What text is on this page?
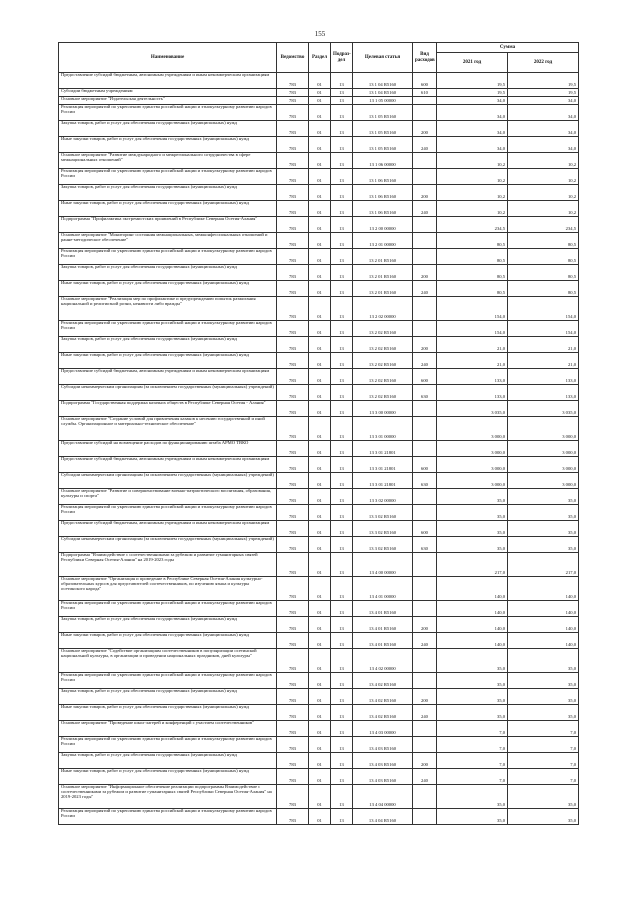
155
Наименование	Ведомство	Раздел	Подраз-дел	Целевая статья	Вид расходов	Сумма	
						2021 год	2022 год
Предоставление субсидий бюджетным, автономным учреждениям и иным некоммерческим организациям	783	01	13	13 1 04 R5160	600	19,5	19,5
Субсидии бюджетным учреждениям	783	01	13	13 1 04 R5160	610	19,5	19,5
Основное мероприятие "Издательская деятельность"	783	01	13	13 1 05 00000		34,0	34,0
Реализация мероприятий по укреплению единства российской нации и этнокультурному развитию народов России	783	01	13	13 1 05 R5160		34,0	34,0
Закупка товаров, работ и услуг для обеспечения государственных (муниципальных) нужд	783	01	13	13 1 05 R5160	200	34,0	34,0
Иные закупки товаров, работ и услуг для обеспечения государственных (муниципальных) нужд	783	01	13	13 1 05 R5160	240	34,0	34,0
Основное мероприятие "Развитие международного и межрегионального сотрудничества в сфере межнациональных отношений"	783	01	13	13 1 06 00000		10,2	10,2
Реализация мероприятий по укреплению единства российской нации и этнокультурному развитию народов России	783	01	13	13 1 06 R5160		10,2	10,2
Закупка товаров, работ и услуг для обеспечения государственных (муниципальных) нужд	783	01	13	13 1 06 R5160	200	10,2	10,2
Иные закупки товаров, работ и услуг для обеспечения государственных (муниципальных) нужд	783	01	13	13 1 06 R5160	240	10,2	10,2
Подпрограмма "Профилактика экстремистских проявлений в Республике Северная Осетия-Алания"	783	01	13	13 2 00 00000		234,5	234,5
Основное мероприятие "Мониторинг состояния межнациональных, межконфессиональных отношений и ранне-методическое обеспечение"	783	01	13	13 2 01 00000		80,5	80,5
Реализация мероприятий по укреплению единства российской нации и этнокультурному развитию народов России	783	01	13	13 2 01 R5160		80,5	80,5
Закупка товаров, работ и услуг для обеспечения государственных (муниципальных) нужд	783	01	13	13 2 01 R5160	200	80,5	80,5
Иные закупки товаров, работ и услуг для обеспечения государственных (муниципальных) нужд	783	01	13	13 2 01 R5160	240	80,5	80,5
Основное мероприятие "Реализация мер по профилактике и предупреждению попыток разжигания национальной и религиозной розни, ненависти либо вражды"	783	01	13	13 2 02 00000		154,0	154,0
Реализация мероприятий по укреплению единства российской нации и этнокультурному развитию народов России	783	01	13	13 2 02 R5160		154,0	154,0
Закупка товаров, работ и услуг для обеспечения государственных (муниципальных) нужд	783	01	13	13 2 02 R5160	200	21,0	21,0
Иные закупки товаров, работ и услуг для обеспечения государственных (муниципальных) нужд	783	01	13	13 2 02 R5160	240	21,0	21,0
Предоставление субсидий бюджетным, автономным учреждениям и иным некоммерческим организациям	783	01	13	13 2 02 R5160	600	133,0	133,0
Субсидии некоммерческим организациям (за исключением государственных (муниципальных) учреждений)	783	01	13	13 2 02 R5160	630	133,0	133,0
Подпрограмма "Государственная поддержка казачьих обществ в Республике Северная Осетия - Алания"	783	01	13	13 3 00 00000		3 035,0	3 035,0
Основное мероприятие "Создание условий для привлечения казаков к несению государственной и иной службы. Организационное и материально-техническое обеспечение"	783	01	13	13 3 01 00000		3 000,0	3 000,0
Предоставление субсидий на возмещение расходов по функционированию штаба АРМО ТВКО	783	01	13	13 3 01 21801		3 000,0	3 000,0
Предоставление субсидий бюджетным, автономным учреждениям и иным некоммерческим организациям	783	01	13	13 3 01 21801	600	3 000,0	3 000,0
Субсидии некоммерческим организациям (за исключением государственных (муниципальных) учреждений)	783	01	13	13 3 01 21801	630	3 000,0	3 000,0
Основное мероприятие "Развитие и совершенствование военно-патриотического воспитания, образования, культуры и спорта"	783	01	13	13 3 02 00000		35,0	35,0
Реализация мероприятий по укреплению единства российской нации и этнокультурному развитию народов России	783	01	13	13 3 02 R5160		35,0	35,0
Предоставление субсидий бюджетным, автономным учреждениям и иным некоммерческим организациям	783	01	13	13 3 02 R5160	600	35,0	35,0
Субсидии некоммерческим организациям (за исключением государственных (муниципальных) учреждений)	783	01	13	13 3 02 R5160	630	35,0	35,0
Подпрограмма "Взаимодействие с соотечественниками за рубежом и развитие гуманитарных связей Республики Северная Осетия-Алания" на 2019-2023 годы	783	01	13	13 4 00 00000		217,0	217,0
Основное мероприятие "Организация и проведение в Республике Северная Осетия-Алания культурно-образовательных курсов для представителей соотечественников, по изучению языка и культуры осетинского народа"	783	01	13	13 4 01 00000		140,0	140,0
Реализация мероприятий по укреплению единства российской нации и этнокультурному развитию народов России	783	01	13	13 4 01 R5160		140,0	140,0
Закупка товаров, работ и услуг для обеспечения государственных (муниципальных) нужд	783	01	13	13 4 01 R5160	200	140,0	140,0
Иные закупки товаров, работ и услуг для обеспечения государственных (муниципальных) нужд	783	01	13	13 4 01 R5160	240	140,0	140,0
Основное мероприятие "Содействие организациям соотечественников в популяризации осетинской национальной культуры, в организации и проведении национальных праздников, дней культуры"	783	01	13	13 4 02 00000		35,0	35,0
Реализация мероприятий по укреплению единства российской нации и этнокультурному развитию народов России	783	01	13	13 4 02 R5160		35,0	35,0
Закупка товаров, работ и услуг для обеспечения государственных (муниципальных) нужд	783	01	13	13 4 02 R5160	200	35,0	35,0
Иные закупки товаров, работ и услуг для обеспечения государственных (муниципальных) нужд	783	01	13	13 4 02 R5160	240	35,0	35,0
Основное мероприятие "Проведение школ-лагерей и конференций с участием соотечественников"	783	01	13	13 4 03 00000		7,0	7,0
Реализация мероприятий по укреплению единства российской нации и этнокультурному развитию народов России	783	01	13	13 4 03 R5160		7,0	7,0
Закупка товаров, работ и услуг для обеспечения государственных (муниципальных) нужд	783	01	13	13 4 03 R5160	200	7,0	7,0
Иные закупки товаров, работ и услуг для обеспечения государственных (муниципальных) нужд	783	01	13	13 4 03 R5160	240	7,0	7,0
Основное мероприятие "Информационное обеспечение реализации подпрограммы Взаимодействие с соотечественниками за рубежом и развитие гуманитарных связей Республики Северная Осетия-Алания" на 2019-2023 годы"	783	01	13	13 4 04 00000		35,0	35,0
Реализация мероприятий по укреплению единства российской нации и этнокультурному развитию народов России	783	01	13	13 4 04 R5160		35,0	35,0
